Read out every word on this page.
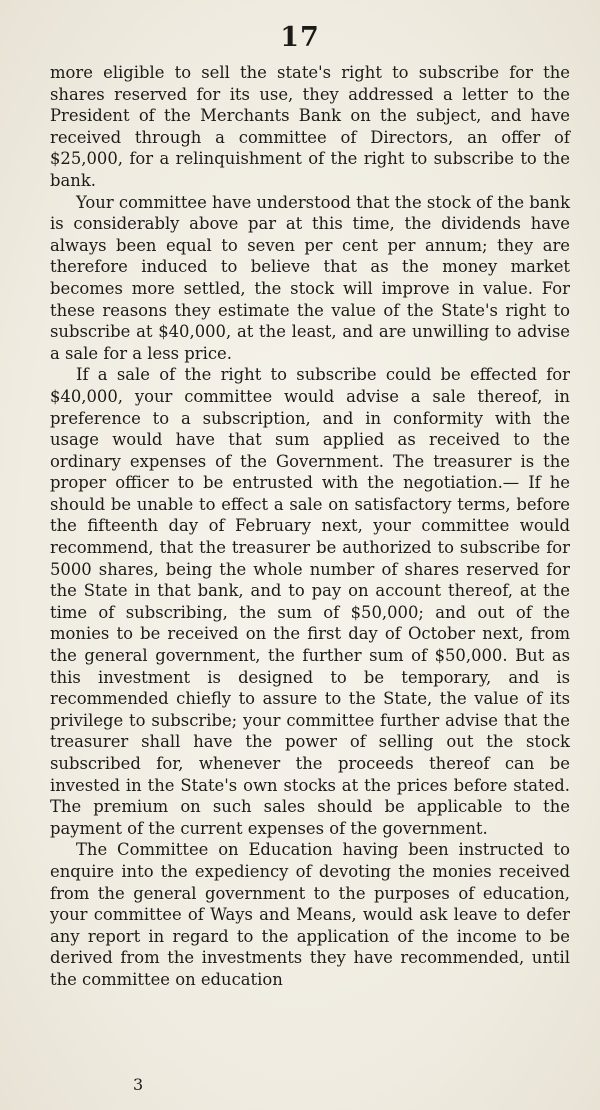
17

more eligible to sell the state's right to subscribe for the shares reserved for its use, they addressed a letter to the President of the Merchants Bank on the subject, and have received through a committee of Directors, an offer of $25,000, for a relinquishment of the right to subscribe to the bank.

Your committee have understood that the stock of the bank is considerably above par at this time, the dividends have always been equal to seven per cent per annum; they are therefore induced to believe that as the money market becomes more settled, the stock will improve in value. For these reasons they estimate the value of the State's right to subscribe at $40,000, at the least, and are unwilling to advise a sale for a less price.

If a sale of the right to subscribe could be effected for $40,000, your committee would advise a sale thereof, in preference to a subscription, and in conformity with the usage would have that sum applied as received to the ordinary expenses of the Government. The treasurer is the proper officer to be entrusted with the negotiation.— If he should be unable to effect a sale on satisfactory terms, before the fifteenth day of February next, your committee would recommend, that the treasurer be authorized to subscribe for 5000 shares, being the whole number of shares reserved for the State in that bank, and to pay on account thereof, at the time of subscribing, the sum of $50,000; and out of the monies to be received on the first day of October next, from the general government, the further sum of $50,000. But as this investment is designed to be temporary, and is recommended chiefly to assure to the State, the value of its privilege to subscribe; your committee further advise that the treasurer shall have the power of selling out the stock subscribed for, whenever the proceeds thereof can be invested in the State's own stocks at the prices before stated. The premium on such sales should be applicable to the payment of the current expenses of the government.

The Committee on Education having been instructed to enquire into the expediency of devoting the monies received from the general government to the purposes of education, your committee of Ways and Means, would ask leave to defer any report in regard to the application of the income to be derived from the investments they have recommended, until the committee on education

3
